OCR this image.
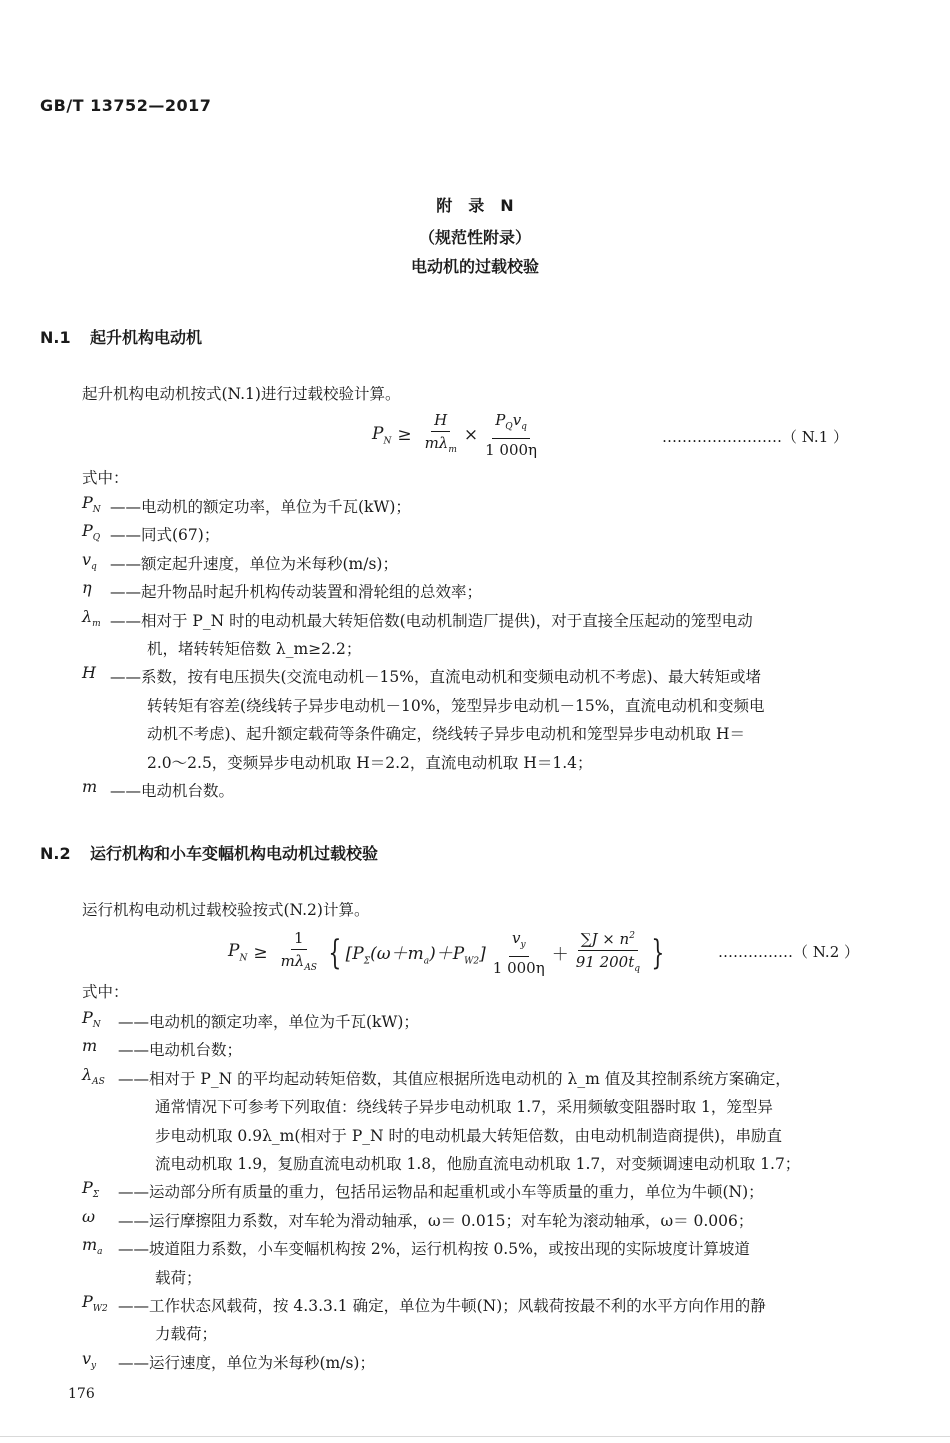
GB/T 13752—2017
附　录　N
（规范性附录）
电动机的过载校验
N.1 起升机构电动机
起升机构电动机按式(N.1)进行过载校验计算。
$P_N \ge \frac{H}{m\lambda_m} \times \frac{P_Qv_q}{1 000\eta}$	……………………（ N.1 ）
式中：
$P_N$ ——电动机的额定功率，单位为千瓦(kW)；
$P_Q$ ——同式(67)；
$v_q$ ——额定起升速度，单位为米每秒(m/s)；
η ——起升物品时起升机构传动装置和滑轮组的总效率；
$\lambda_m$ ——相对于 P_N 时的电动机最大转矩倍数(电动机制造厂提供)，对于直接全压起动的笼型电动
机，堵转转矩倍数 λ_m≥2.2；
H ——系数，按有电压损失(交流电动机－15%，直流电动机和变频电动机不考虑)、最大转矩或堵
转转矩有容差(绕线转子异步电动机－10%，笼型异步电动机－15%，直流电动机和变频电
动机不考虑)、起升额定载荷等条件确定，绕线转子异步电动机和笼型异步电动机取 H＝
2.0～2.5，变频异步电动机取 H＝2.2，直流电动机取 H＝1.4；
m ——电动机台数。
N.2 运行机构和小车变幅机构电动机过载校验
运行机构电动机过载校验按式(N.2)计算。
$P_N \ge \frac{1}{m\lambda_{AS}}$ { $[P_\Sigma(\omega+m_a)+P_{W2}] \frac{v_y}{1 000\eta} + \frac{\sum J \times n^2}{91 200t_q}$ }	……………（ N.2 ）
式中：
$P_N$ ——电动机的额定功率，单位为千瓦(kW)；
m ——电动机台数；
$\lambda_{AS}$ ——相对于 P_N 的平均起动转矩倍数，其值应根据所选电动机的 λ_m 值及其控制系统方案确定，
通常情况下可参考下列取值：绕线转子异步电动机取 1.7，采用频敏变阻器时取 1，笼型异
步电动机取 0.9λ_m(相对于 P_N 时的电动机最大转矩倍数，由电动机制造商提供)，串励直
流电动机取 1.9，复励直流电动机取 1.8，他励直流电动机取 1.7，对变频调速电动机取 1.7；
$P_\Sigma$ ——运动部分所有质量的重力，包括吊运物品和起重机或小车等质量的重力，单位为牛顿(N)；
ω ——运行摩擦阻力系数，对车轮为滑动轴承，ω＝ 0.015；对车轮为滚动轴承，ω＝ 0.006；
$m_a$ ——坡道阻力系数，小车变幅机构按 2%，运行机构按 0.5%，或按出现的实际坡度计算坡道
载荷；
$P_{W2}$ ——工作状态风载荷，按 4.3.3.1 确定，单位为牛顿(N)；风载荷按最不利的水平方向作用的静
力载荷；
$v_y$ ——运行速度，单位为米每秒(m/s)；
176
